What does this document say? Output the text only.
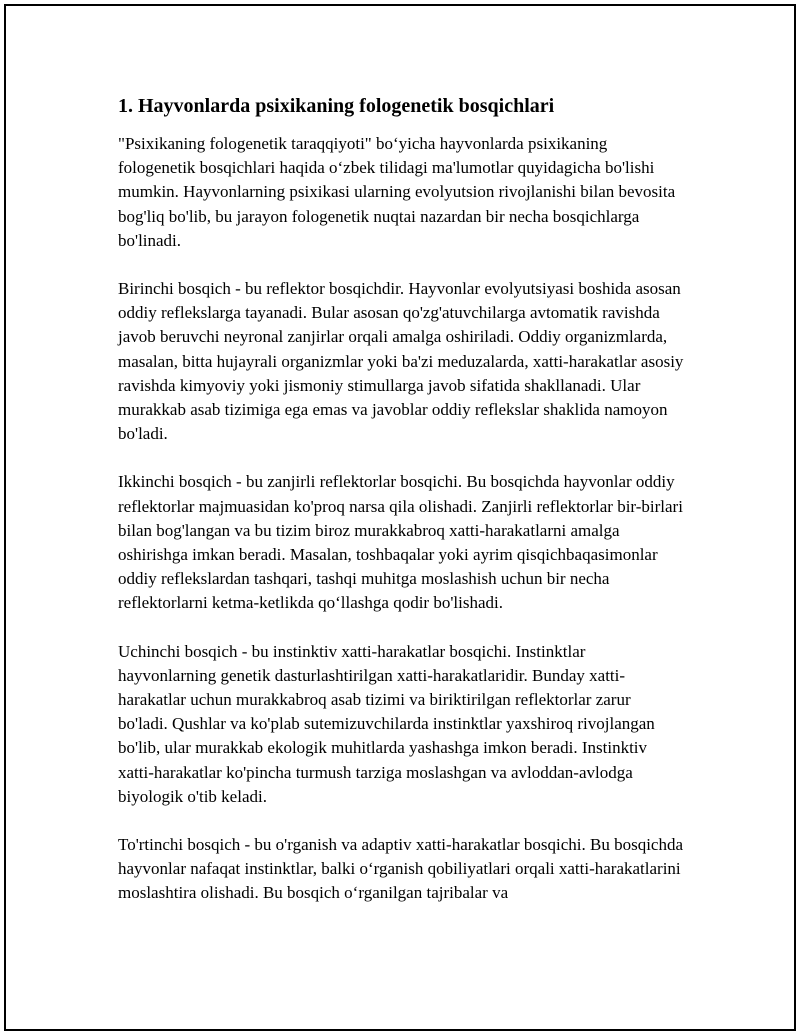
1. Hayvonlarda psixikaning fologenetik bosqichlari

"Psixikaning fologenetik taraqqiyoti" bo‘yicha hayvonlarda psixikaning fologenetik bosqichlari haqida o‘zbek tilidagi ma'lumotlar quyidagicha bo'lishi mumkin. Hayvonlarning psixikasi ularning evolyutsion rivojlanishi bilan bevosita bog'liq bo'lib, bu jarayon fologenetik nuqtai nazardan bir necha bosqichlarga bo'linadi.

Birinchi bosqich - bu reflektor bosqichdir. Hayvonlar evolyutsiyasi boshida asosan oddiy reflekslarga tayanadi. Bular asosan qo'zg'atuvchilarga avtomatik ravishda javob beruvchi neyronal zanjirlar orqali amalga oshiriladi. Oddiy organizmlarda, masalan, bitta hujayrali organizmlar yoki ba'zi meduzalarda, xatti-harakatlar asosiy ravishda kimyoviy yoki jismoniy stimullarga javob sifatida shakllanadi. Ular murakkab asab tizimiga ega emas va javoblar oddiy reflekslar shaklida namoyon bo'ladi.

Ikkinchi bosqich - bu zanjirli reflektorlar bosqichi. Bu bosqichda hayvonlar oddiy reflektorlar majmuasidan ko'proq narsa qila olishadi. Zanjirli reflektorlar bir-birlari bilan bog'langan va bu tizim biroz murakkabroq xatti-harakatlarni amalga oshirishga imkan beradi. Masalan, toshbaqalar yoki ayrim qisqichbaqasimonlar oddiy reflekslardan tashqari, tashqi muhitga moslashish uchun bir necha reflektorlarni ketma-ketlikda qo‘llashga qodir bo'lishadi.

Uchinchi bosqich - bu instinktiv xatti-harakatlar bosqichi. Instinktlar hayvonlarning genetik dasturlashtirilgan xatti-harakatlaridir. Bunday xatti-harakatlar uchun murakkabroq asab tizimi va biriktirilgan reflektorlar zarur bo'ladi. Qushlar va ko'plab sutemizuvchilarda instinktlar yaxshiroq rivojlangan bo'lib, ular murakkab ekologik muhitlarda yashashga imkon beradi. Instinktiv xatti-harakatlar ko'pincha turmush tarziga moslashgan va avloddan-avlodga biyologik o'tib keladi.

To'rtinchi bosqich - bu o'rganish va adaptiv xatti-harakatlar bosqichi. Bu bosqichda hayvonlar nafaqat instinktlar, balki o‘rganish qobiliyatlari orqali xatti-harakatlarini moslashtira olishadi. Bu bosqich o‘rganilgan tajribalar va
